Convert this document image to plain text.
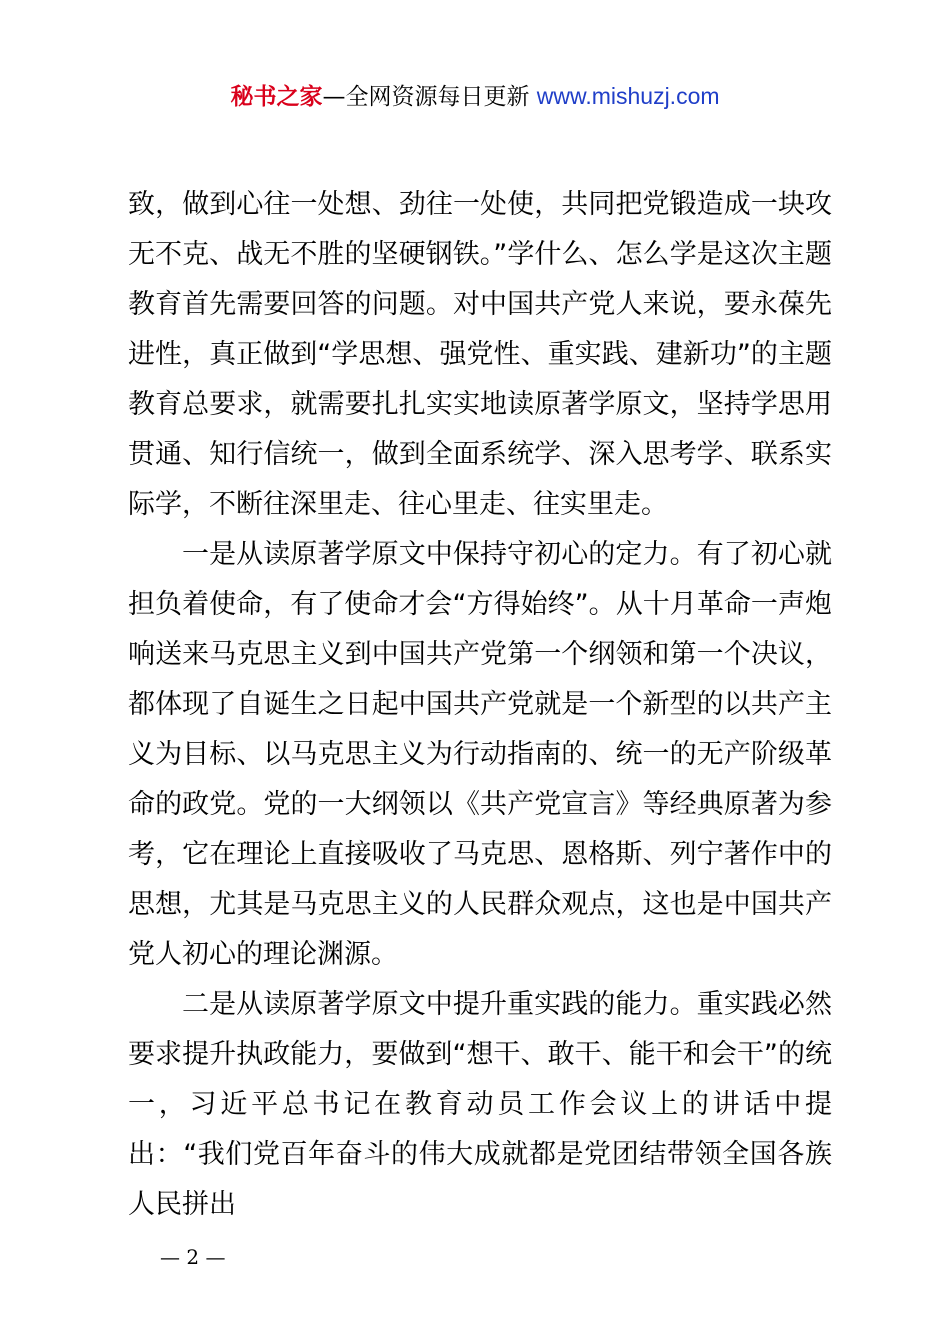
秘书之家—全网资源每日更新 www.mishuzj.com

致，做到心往一处想、劲往一处使，共同把党锻造成一块攻无不克、战无不胜的坚硬钢铁。”学什么、怎么学是这次主题教育首先需要回答的问题。对中国共产党人来说，要永葆先进性，真正做到“学思想、强党性、重实践、建新功”的主题教育总要求，就需要扎扎实实地读原著学原文，坚持学思用贯通、知行信统一，做到全面系统学、深入思考学、联系实际学，不断往深里走、往心里走、往实里走。

一是从读原著学原文中保持守初心的定力。有了初心就担负着使命，有了使命才会“方得始终”。从十月革命一声炮响送来马克思主义到中国共产党第一个纲领和第一个决议，都体现了自诞生之日起中国共产党就是一个新型的以共产主义为目标、以马克思主义为行动指南的、统一的无产阶级革命的政党。党的一大纲领以《共产党宣言》等经典原著为参考，它在理论上直接吸收了马克思、恩格斯、列宁著作中的思想，尤其是马克思主义的人民群众观点，这也是中国共产党人初心的理论渊源。

二是从读原著学原文中提升重实践的能力。重实践必然要求提升执政能力，要做到“想干、敢干、能干和会干”的统一，习近平总书记在教育动员工作会议上的讲话中提出：“我们党百年奋斗的伟大成就都是党团结带领全国各族人民拼出

— 2 —
